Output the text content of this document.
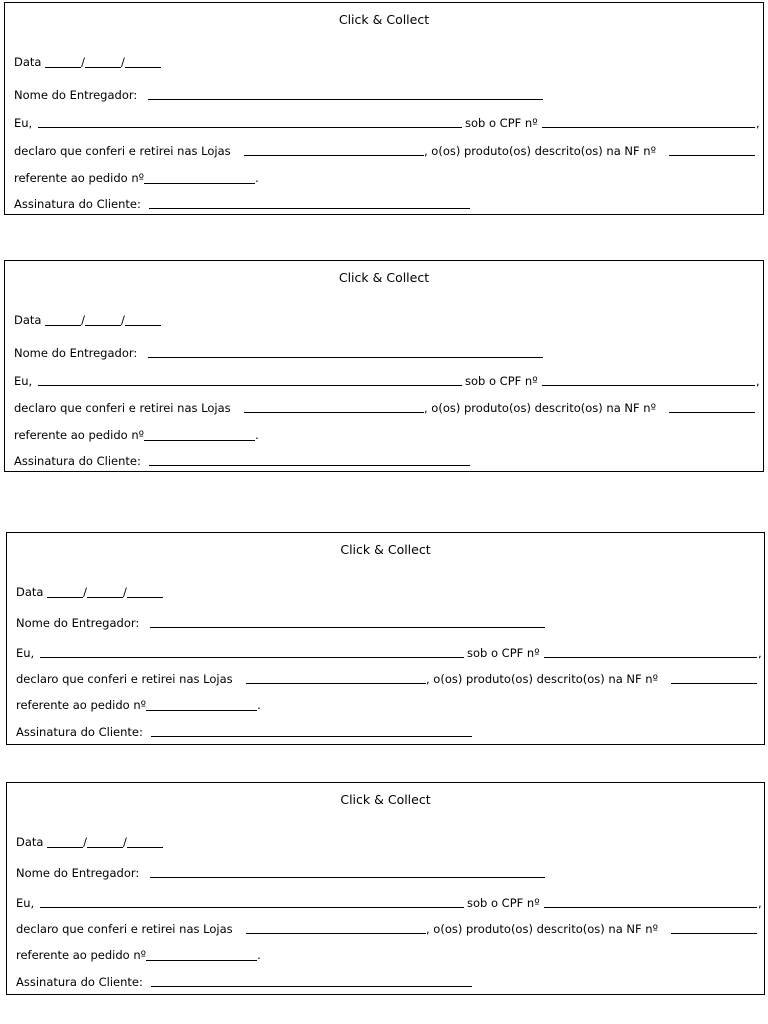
Click & Collect
Data	/	/
Nome do Entregador:
Eu,	sob o CPF nº	,
declaro que conferi e retirei nas Lojas	, o(os) produto(os) descrito(os) na NF nº
referente ao pedido nº	.
Assinatura do Cliente:
Click & Collect
Data	/	/
Nome do Entregador:
Eu,	sob o CPF nº	,
declaro que conferi e retirei nas Lojas	, o(os) produto(os) descrito(os) na NF nº
referente ao pedido nº	.
Assinatura do Cliente:
Click & Collect
Data	/	/
Nome do Entregador:
Eu,	sob o CPF nº	,
declaro que conferi e retirei nas Lojas	, o(os) produto(os) descrito(os) na NF nº
referente ao pedido nº	.
Assinatura do Cliente:
Click & Collect
Data	/	/
Nome do Entregador:
Eu,	sob o CPF nº	,
declaro que conferi e retirei nas Lojas	, o(os) produto(os) descrito(os) na NF nº
referente ao pedido nº	.
Assinatura do Cliente:
